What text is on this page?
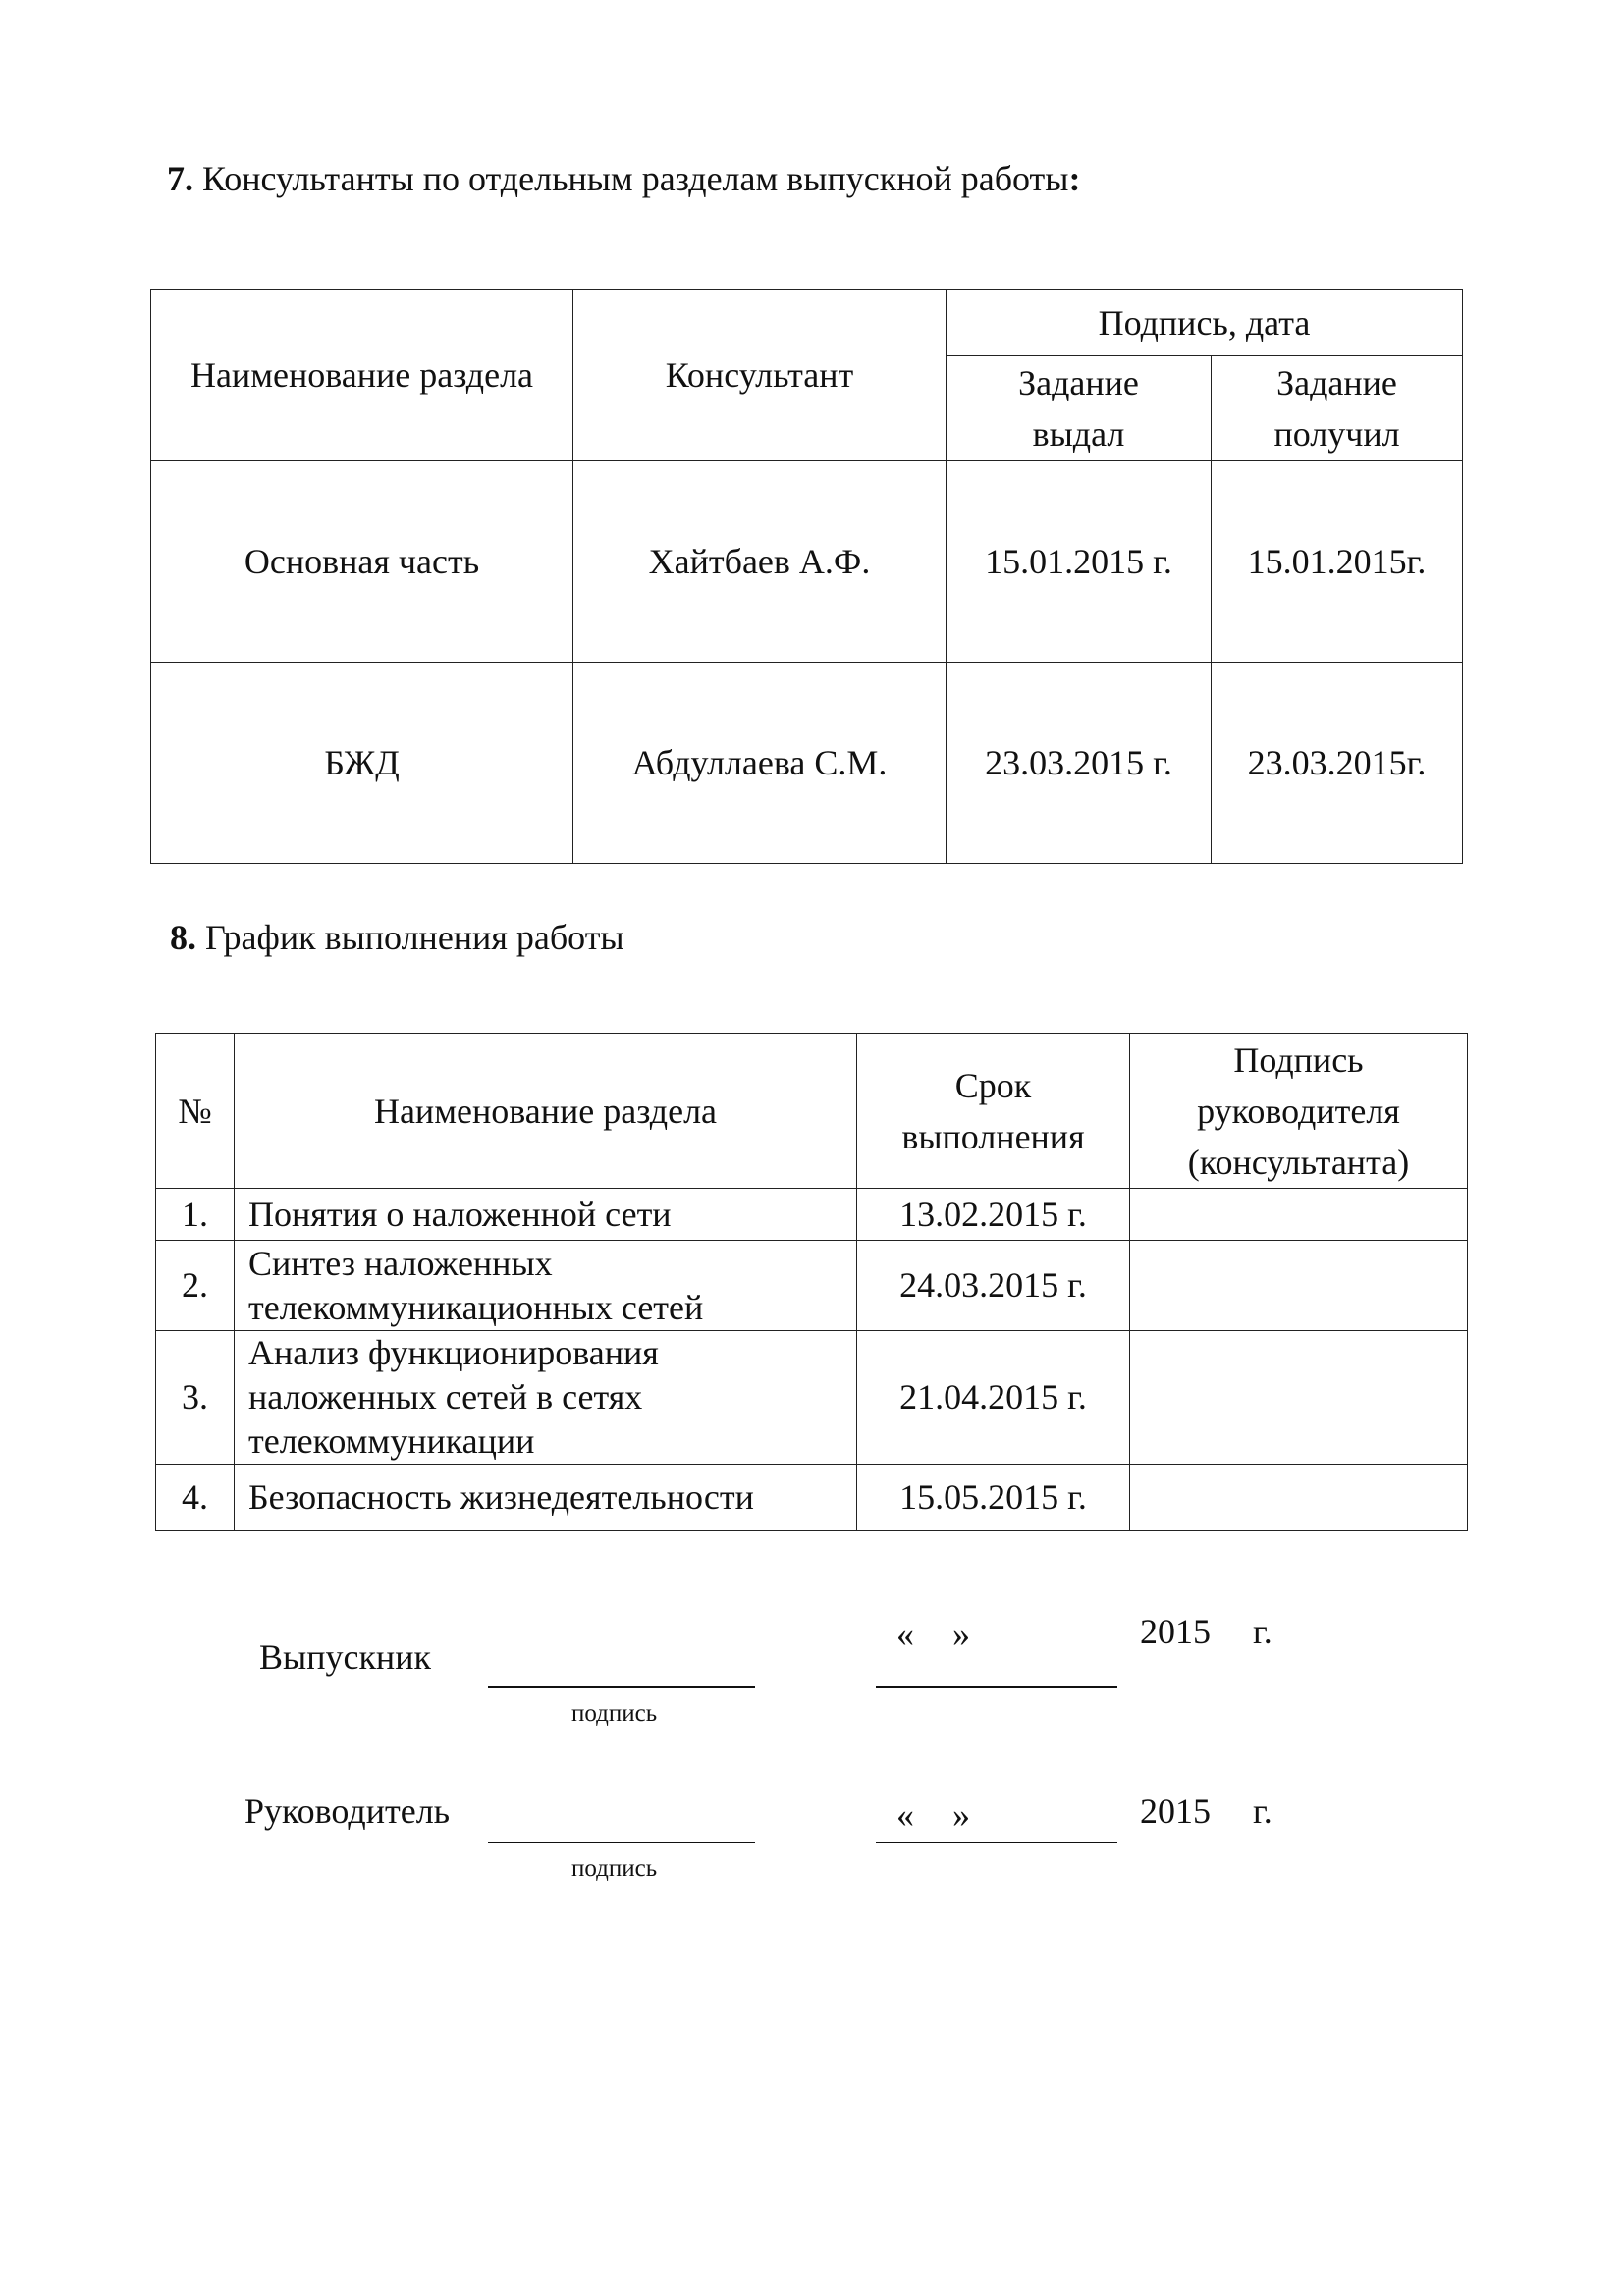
7. Консультанты по отдельным разделам выпускной работы:
Наименование раздела	Консультант	Подпись, дата	
		Задание выдал	Задание получил
Основная часть	Хайтбаев А.Ф.	15.01.2015 г.	15.01.2015г.
БЖД	Абдуллаева С.М.	23.03.2015 г.	23.03.2015г.
8. График выполнения работы
№	Наименование раздела	Срок выполнения	Подпись руководителя (консультанта)
1.	Понятия о наложенной сети	13.02.2015 г.	
2.	Синтез наложенных телекоммуникационных сетей	24.03.2015 г.	
3.	Анализ функционирования наложенных сетей в сетях телекоммуникации	21.04.2015 г.	
4.	Безопасность жизнедеятельности	15.05.2015 г.	
Выпускник
подпись
« »	2015 г.
Руководитель
подпись
« »	2015 г.
